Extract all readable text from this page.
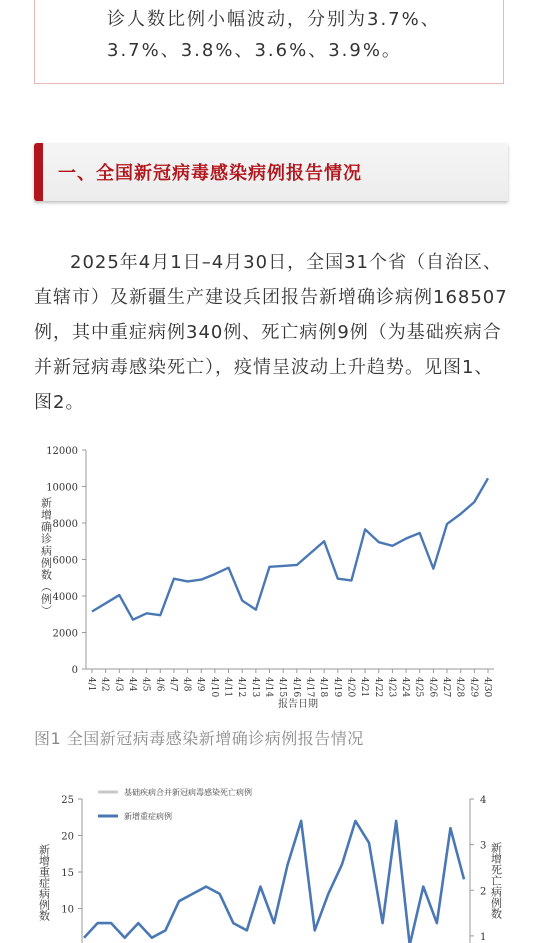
诊人数比例小幅波动，分别为3.7%、3.7%、3.8%、3.6%、3.9%。

一、全国新冠病毒感染病例报告情况

2025年4月1日–4月30日，全国31个省（自治区、直辖市）及新疆生产建设兵团报告新增确诊病例168507例，其中重症病例340例、死亡病例9例（为基础疾病合并新冠病毒感染死亡），疫情呈波动上升趋势。见图1、图2。

0
2000
4000
6000
8000
10000
12000
4/1 4/2 4/3 4/4 4/5 4/6 4/7 4/8 4/9 4/10 4/11 4/12 4/13 4/14 4/15 4/16 4/17 4/18 4/19 4/20 4/21 4/22 4/23 4/24 4/25 4/26 4/27 4/28 4/29 4/30
报告日期
新增确诊病例数（例）
图1 全国新冠病毒感染新增确诊病例报告情况
10
15
20
25
1
2
3
4
基础疾病合并新冠病毒感染死亡病例
新增重症病例
新增重症病例数	新增死亡病例数
